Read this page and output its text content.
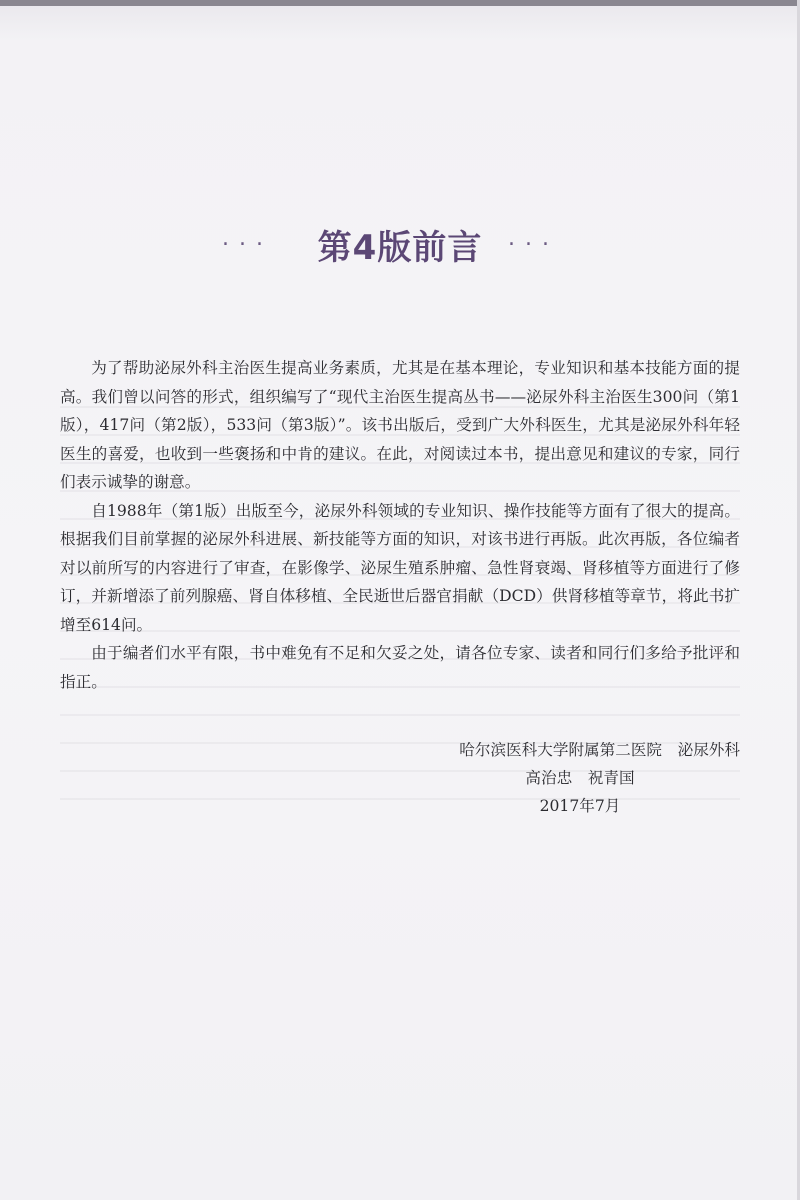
...	第4版前言	...

为了帮助泌尿外科主治医生提高业务素质，尤其是在基本理论，专业知识和基本技能方面的提高。我们曾以问答的形式，组织编写了“现代主治医生提高丛书——泌尿外科主治医生300问（第1版），417问（第2版），533问（第3版）”。该书出版后，受到广大外科医生，尤其是泌尿外科年轻医生的喜爱，也收到一些褒扬和中肯的建议。在此，对阅读过本书，提出意见和建议的专家，同行们表示诚挚的谢意。

自1988年（第1版）出版至今，泌尿外科领域的专业知识、操作技能等方面有了很大的提高。根据我们目前掌握的泌尿外科进展、新技能等方面的知识，对该书进行再版。此次再版，各位编者对以前所写的内容进行了审查，在影像学、泌尿生殖系肿瘤、急性肾衰竭、肾移植等方面进行了修订，并新增添了前列腺癌、肾自体移植、全民逝世后器官捐献（DCD）供肾移植等章节，将此书扩增至614问。

由于编者们水平有限，书中难免有不足和欠妥之处，请各位专家、读者和同行们多给予批评和指正。

哈尔滨医科大学附属第二医院　泌尿外科
高治忠　祝青国
2017年7月
